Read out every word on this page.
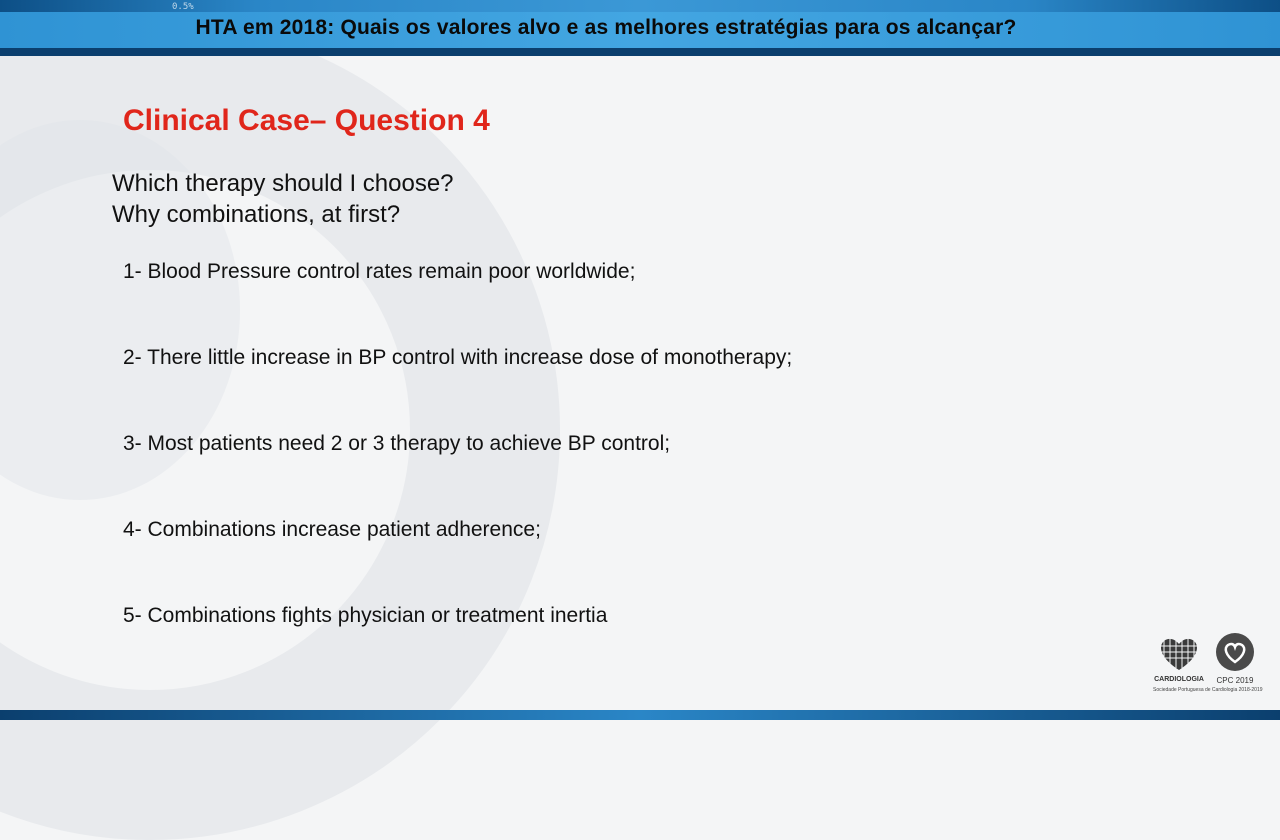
0.5%
HTA em 2018: Quais os valores alvo e as melhores estratégias para os alcançar?
Clinical Case– Question 4
Which therapy should I choose?
Why combinations, at first?
1- Blood Pressure control rates remain poor worldwide;
2- There little increase in BP control with increase dose of monotherapy;
3- Most patients need 2 or 3 therapy to achieve BP control;
4- Combinations increase patient adherence;
5- Combinations fights physician or treatment inertia
CARDIOLOGIA	CPC 2019
Sociedade Portuguesa de Cardiologia 2018-2019
